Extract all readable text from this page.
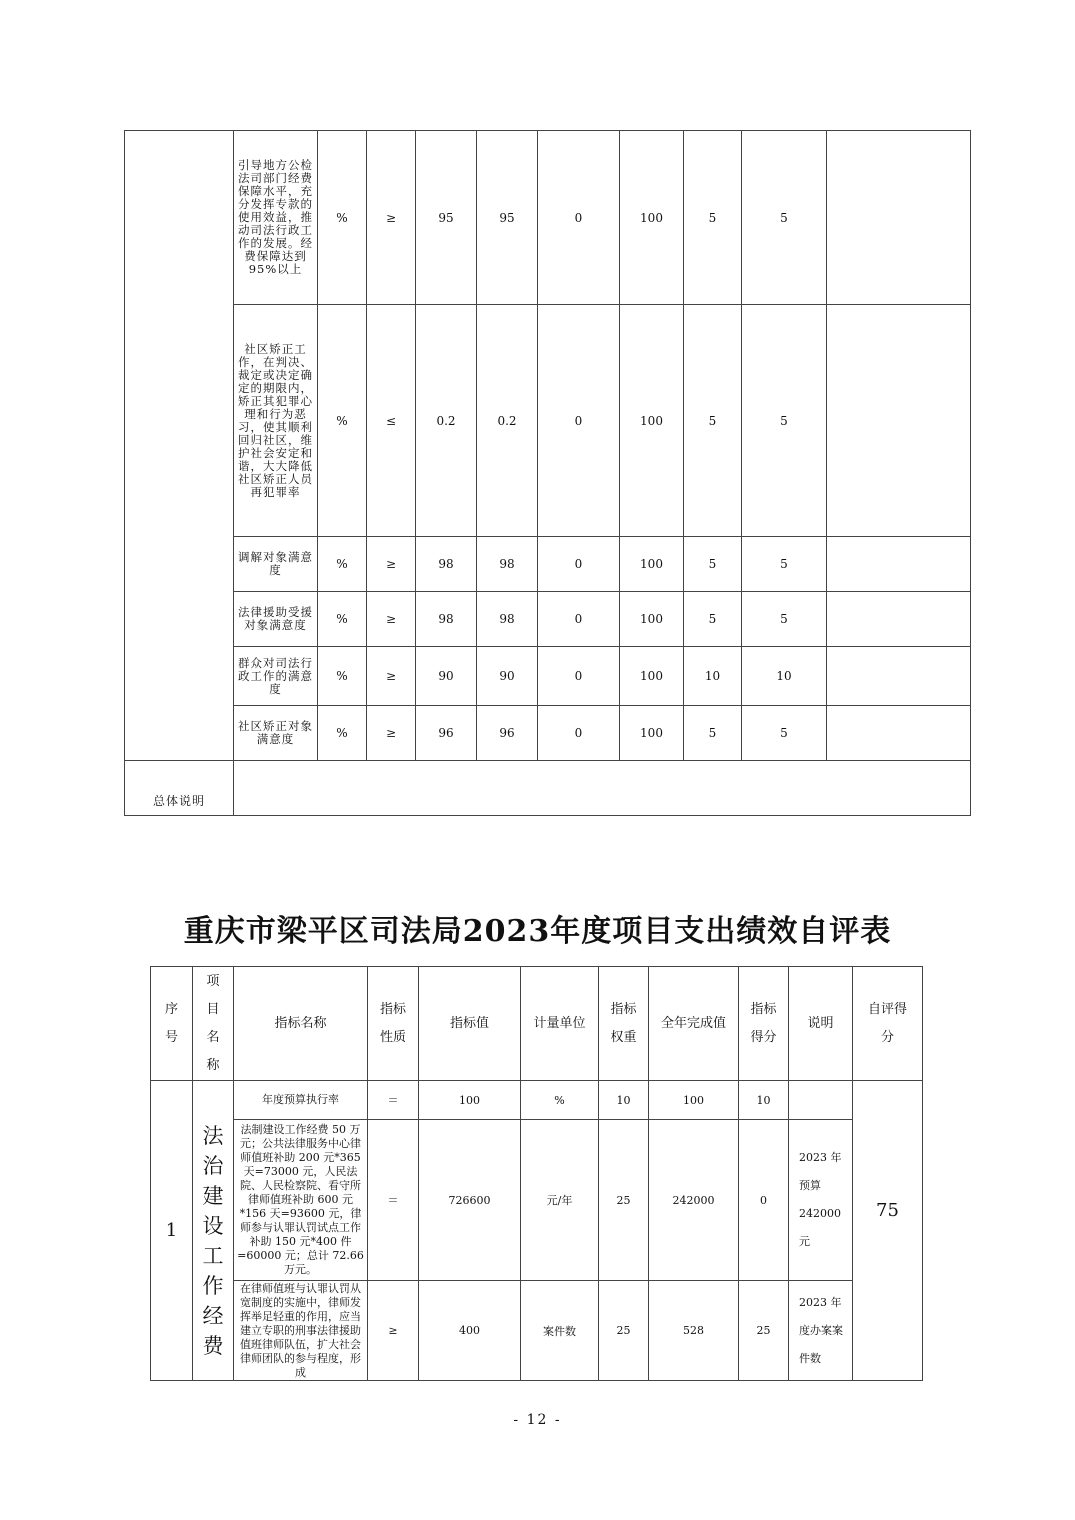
	引导地方公检法司部门经费保障水平，充分发挥专款的使用效益，推动司法行政工作的发展。经费保障达到95%以上	%	≥	95	95	0	100	5	5	
	社区矫正工作，在判决、裁定或决定确定的期限内，矫正其犯罪心理和行为恶习，使其顺利回归社区，维护社会安定和谐，大大降低社区矫正人员再犯罪率	%	≤	0.2	0.2	0	100	5	5	
	调解对象满意度	%	≥	98	98	0	100	5	5	
	法律援助受援对象满意度	%	≥	98	98	0	100	5	5	
	群众对司法行政工作的满意度	%	≥	90	90	0	100	10	10	
	社区矫正对象满意度	%	≥	96	96	0	100	5	5	
总体说明										
重庆市梁平区司法局2023年度项目支出绩效自评表
序号	项目名称	指标名称	指标性质	指标值	计量单位	指标权重	全年完成值	指标得分	说明	自评得分
1	法治建设工作经费	年度预算执行率	＝	100	%	10	100	10		75
		法制建设工作经费 50 万元；公共法律服务中心律师值班补助 200 元*365 天=73000 元，人民法院、人民检察院、看守所律师值班补助 600 元*156 天=93600 元，律师参与认罪认罚试点工作补助 150 元*400 件=60000 元；总计 72.66 万元。	＝	726600	元/年	25	242000	0	2023 年预算 242000 元	
		在律师值班与认罪认罚从宽制度的实施中，律师发挥举足轻重的作用，应当建立专职的刑事法律援助值班律师队伍，扩大社会律师团队的参与程度，形成	≥	400	案件数	25	528	25	2023 年度办案案件数	
- 12 -
